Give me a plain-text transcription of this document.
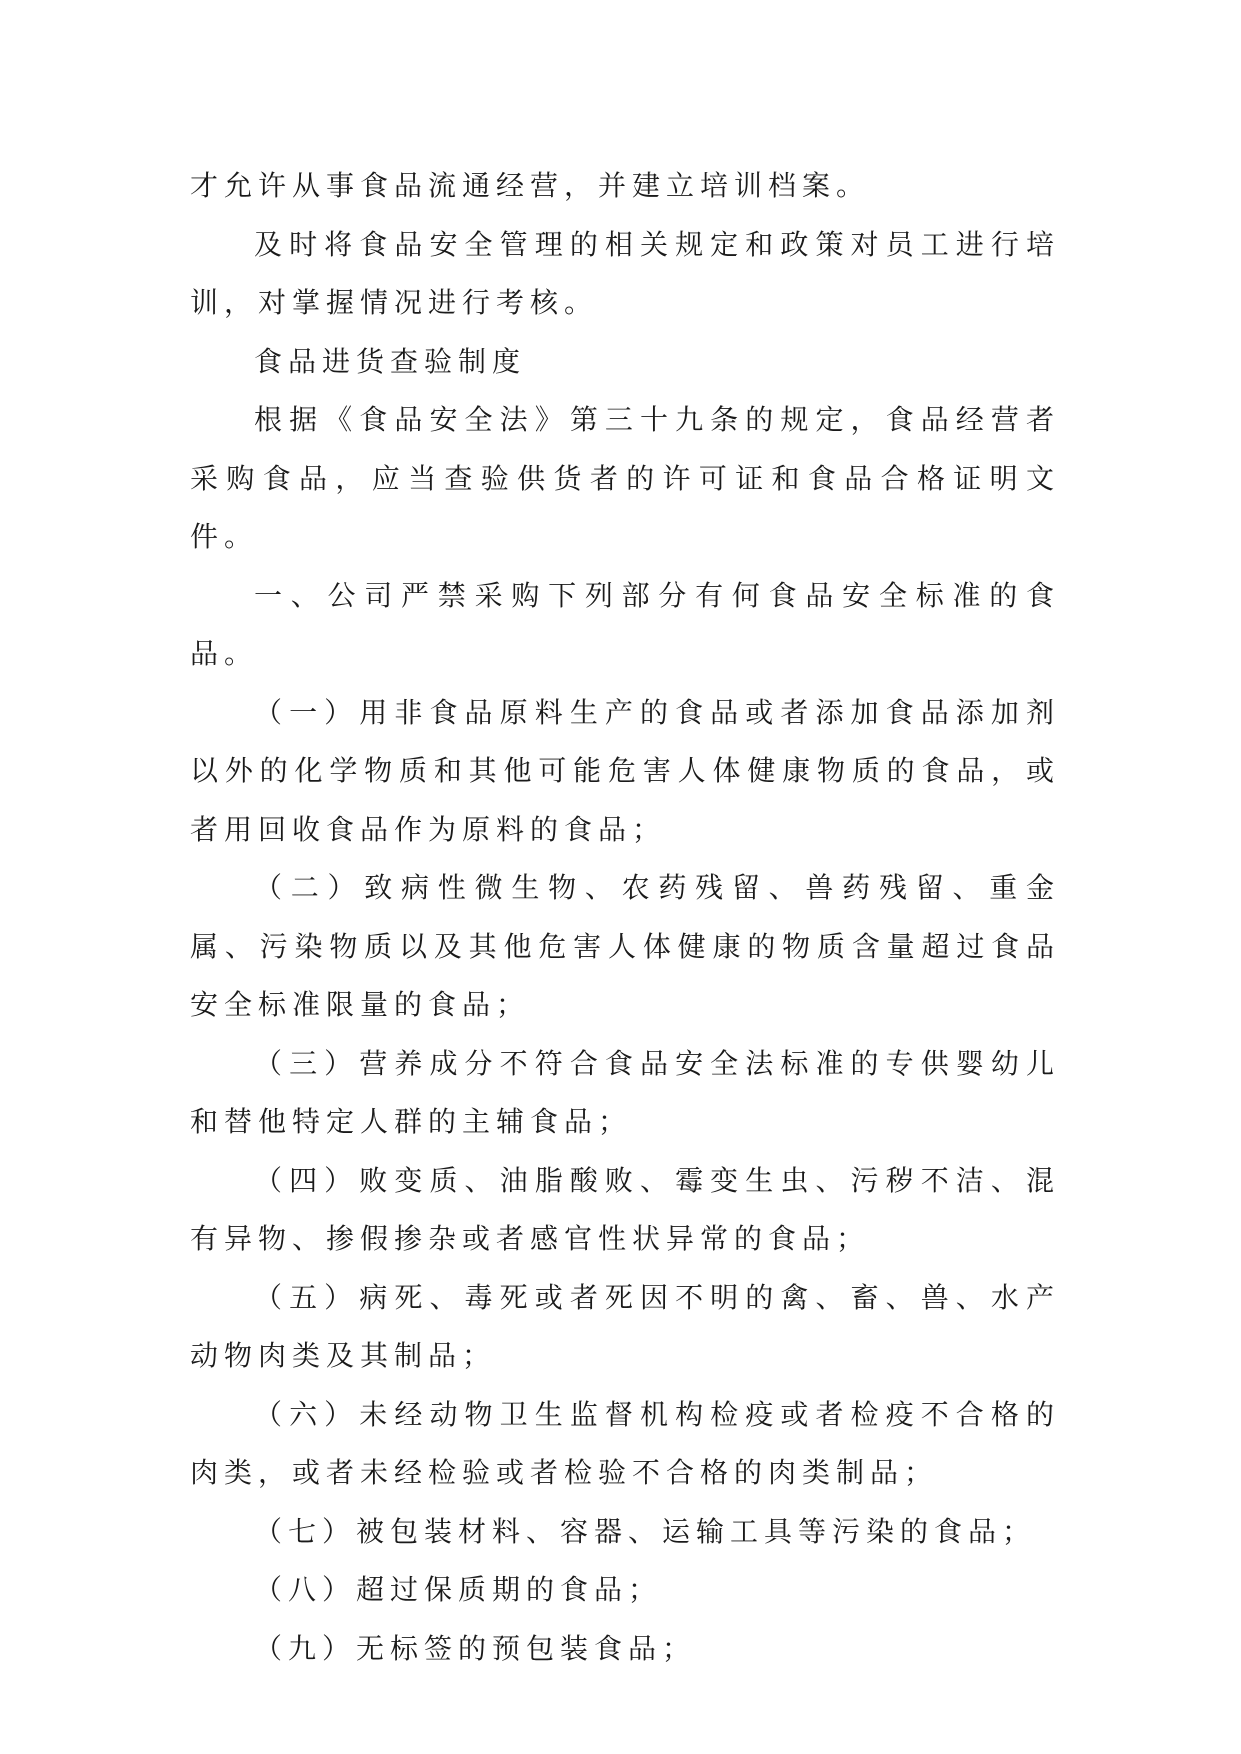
才允许从事食品流通经营，并建立培训档案。

及时将食品安全管理的相关规定和政策对员工进行培训，对掌握情况进行考核。

食品进货查验制度

根据《食品安全法》第三十九条的规定，食品经营者采购食品，应当查验供货者的许可证和食品合格证明文件。

一、公司严禁采购下列部分有何食品安全标准的食品。

（一）用非食品原料生产的食品或者添加食品添加剂以外的化学物质和其他可能危害人体健康物质的食品，或者用回收食品作为原料的食品；

（二）致病性微生物、农药残留、兽药残留、重金属、污染物质以及其他危害人体健康的物质含量超过食品安全标准限量的食品；

（三）营养成分不符合食品安全法标准的专供婴幼儿和替他特定人群的主辅食品；

（四）败变质、油脂酸败、霉变生虫、污秽不洁、混有异物、掺假掺杂或者感官性状异常的食品；

（五）病死、毒死或者死因不明的禽、畜、兽、水产动物肉类及其制品；

（六）未经动物卫生监督机构检疫或者检疫不合格的肉类，或者未经检验或者检验不合格的肉类制品；

（七）被包装材料、容器、运输工具等污染的食品；

（八）超过保质期的食品；

（九）无标签的预包装食品；
